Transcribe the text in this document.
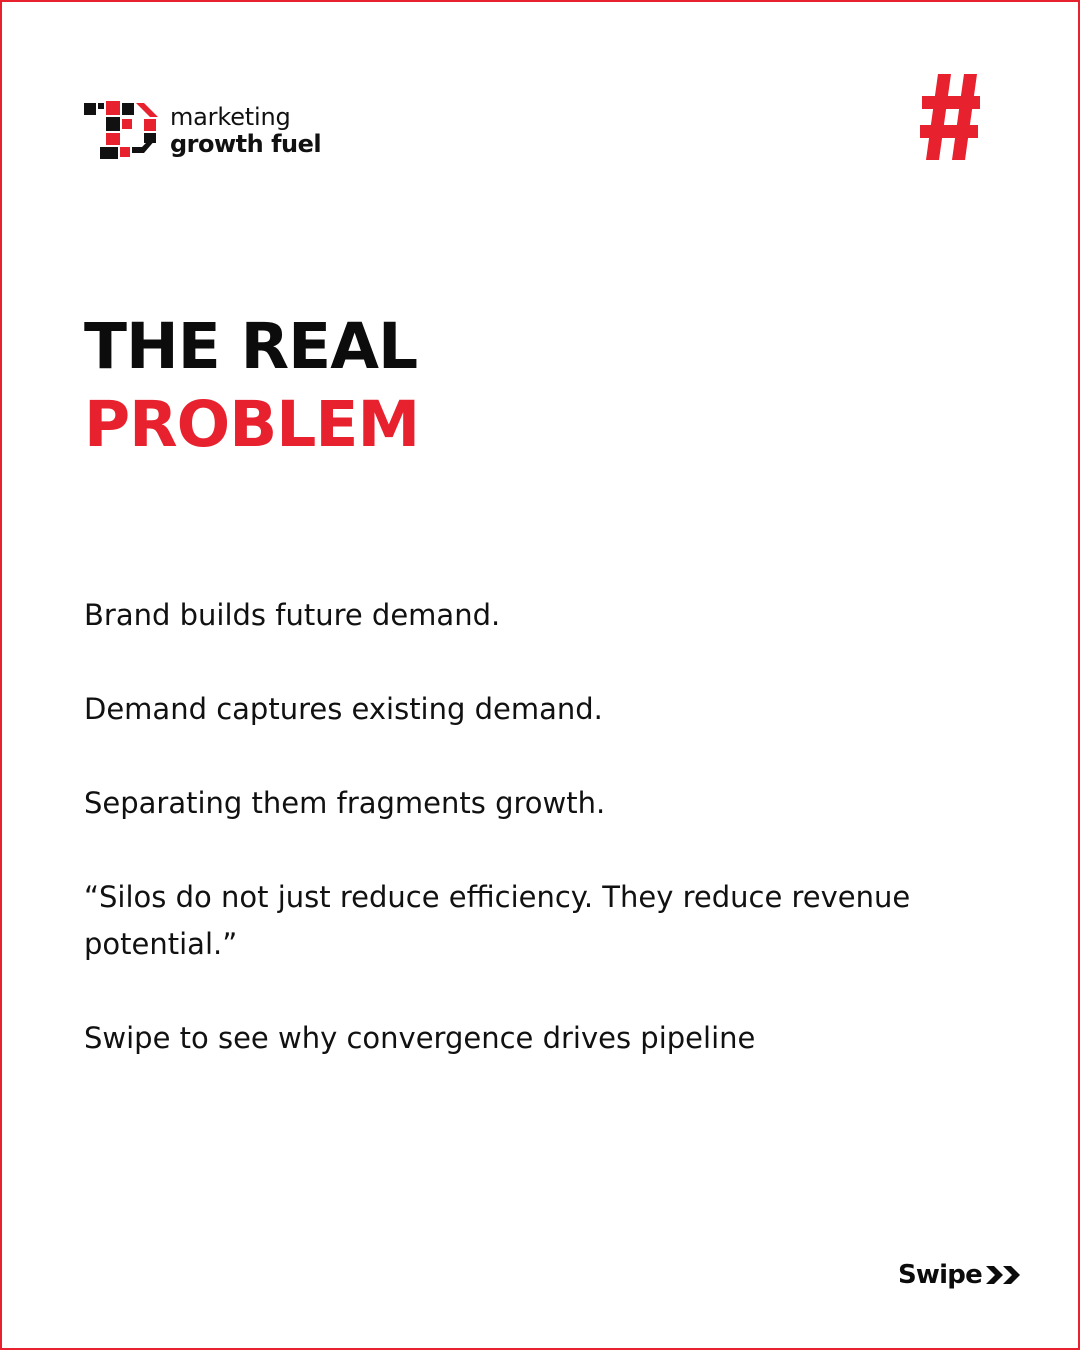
marketing
growth fuel
THE REAL
PROBLEM

Brand builds future demand.

Demand captures existing demand.

Separating them fragments growth.

“Silos do not just reduce efficiency. They reduce revenue potential.”

Swipe to see why convergence drives pipeline

Swipe
